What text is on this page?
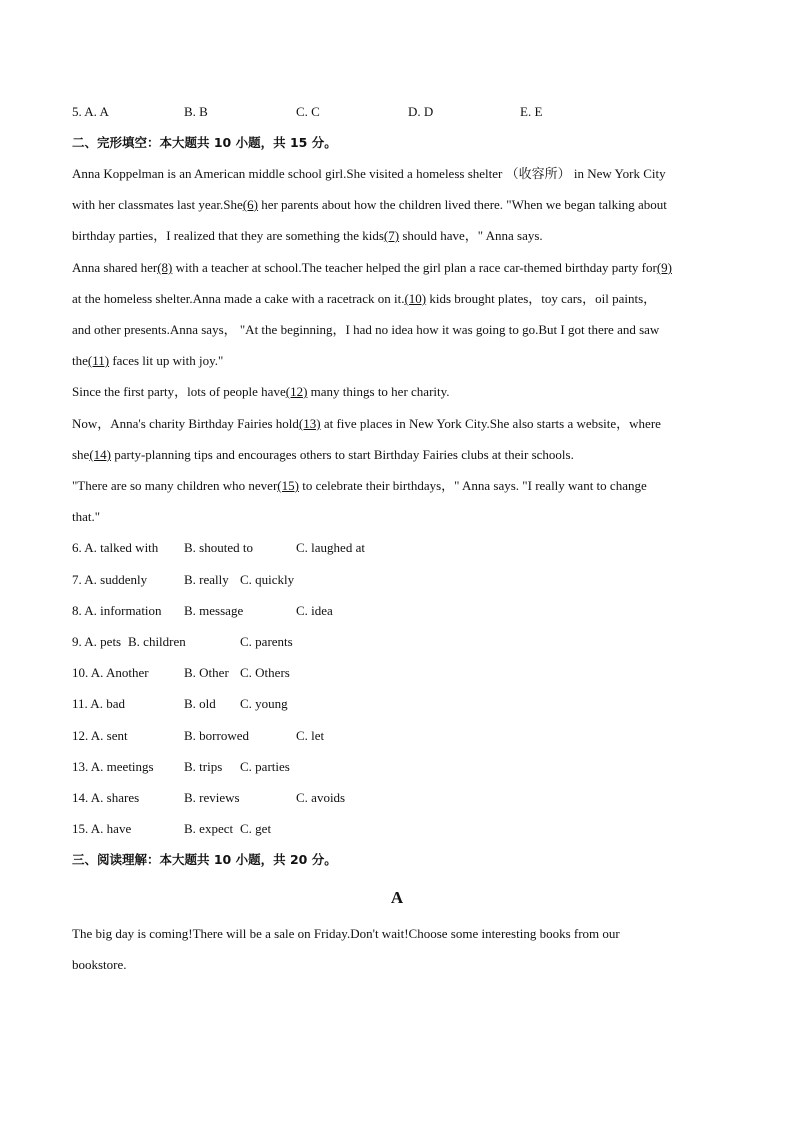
5. A. A	B. B	C. C	D. D	E. E
二、完形填空：本大题共 10 小题，共 15 分。
Anna Koppelman is an American middle school girl.She visited a homeless shelter （收容所） in New York City
with her classmates last year.She(6) her parents about how the children lived there. "When we began talking about
birthday parties，I realized that they are something the kids(7) should have，" Anna says.
Anna shared her(8) with a teacher at school.The teacher helped the girl plan a race car-themed birthday party for(9)
at the homeless shelter.Anna made a cake with a racetrack on it.(10) kids brought plates，toy cars，oil paints，
and other presents.Anna says， "At the beginning，I had no idea how it was going to go.But I got there and saw
the(11) faces lit up with joy."
Since the first party，lots of people have(12) many things to her charity.
Now，Anna's charity Birthday Fairies hold(13) at five places in New York City.She also starts a website，where
she(14) party-planning tips and encourages others to start Birthday Fairies clubs at their schools.
"There are so many children who never(15) to celebrate their birthdays，" Anna says. "I really want to change
that."
6. A. talked with B. shouted to	C. laughed at
7. A. suddenly	B. really C. quickly
8. A. information B. message	C. idea
9. A. pets B. children	C. parents
10. A. Another	B. Other C. Others
11. A. bad	B. old C. young
12. A. sent	B. borrowed	C. let
13. A. meetings B. trips C. parties
14. A. shares	B. reviews	C. avoids
15. A. have	B. expect C. get
三、阅读理解：本大题共 10 小题，共 20 分。
A
The big day is coming!There will be a sale on Friday.Don't wait!Choose some interesting books from our
bookstore.
